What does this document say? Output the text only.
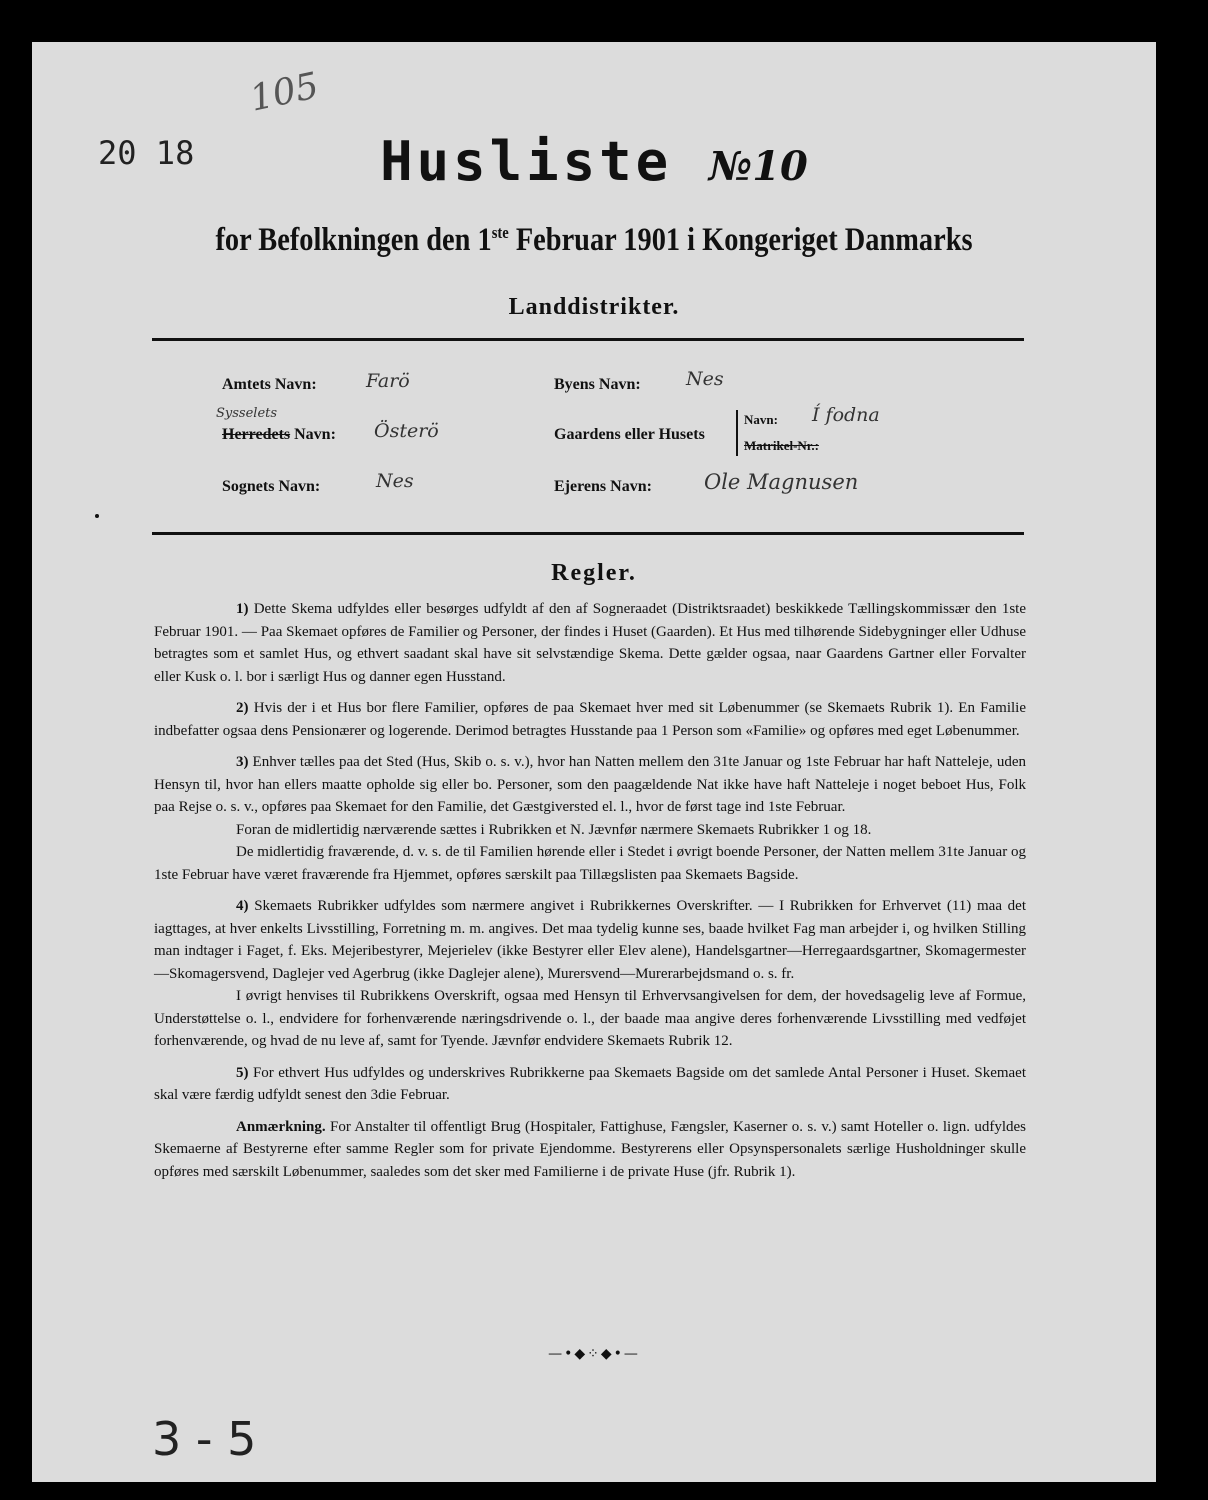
20 18
105
Husliste №10
for Befolkningen den 1ste Februar 1901 i Kongeriget Danmarks
Landdistrikter.
Amtets Navn:	Farö
Sysselets
Herredets Navn: Österö
Sognets Navn:	Nes
Byens Navn: Nes
Gaardens eller Husets
Navn: Í fodna
Matrikel-Nr.:
Ejerens Navn: Ole Magnusen
Regler.

1) Dette Skema udfyldes eller besørges udfyldt af den af Sogneraadet (Distriktsraadet) beskikkede Tællingskommissær den 1ste Februar 1901. — Paa Skemaet opføres de Familier og Personer, der findes i Huset (Gaarden). Et Hus med tilhørende Sidebygninger eller Udhuse betragtes som et samlet Hus, og ethvert saadant skal have sit selvstændige Skema. Dette gælder ogsaa, naar Gaardens Gartner eller Forvalter eller Kusk o. l. bor i særligt Hus og danner egen Husstand.

2) Hvis der i et Hus bor flere Familier, opføres de paa Skemaet hver med sit Løbenummer (se Skemaets Rubrik 1). En Familie indbefatter ogsaa dens Pensionærer og logerende. Derimod betragtes Husstande paa 1 Person som «Familie» og opføres med eget Løbenummer.

3) Enhver tælles paa det Sted (Hus, Skib o. s. v.), hvor han Natten mellem den 31te Januar og 1ste Februar har haft Natteleje, uden Hensyn til, hvor han ellers maatte opholde sig eller bo. Personer, som den paagældende Nat ikke have haft Natteleje i noget beboet Hus, Folk paa Rejse o. s. v., opføres paa Skemaet for den Familie, det Gæstgiversted el. l., hvor de først tage ind 1ste Februar.

Foran de midlertidig nærværende sættes i Rubrikken et N. Jævnfør nærmere Skemaets Rubrikker 1 og 18.

De midlertidig fraværende, d. v. s. de til Familien hørende eller i Stedet i øvrigt boende Personer, der Natten mellem 31te Januar og 1ste Februar have været fraværende fra Hjemmet, opføres særskilt paa Tillægslisten paa Skemaets Bagside.

4) Skemaets Rubrikker udfyldes som nærmere angivet i Rubrikkernes Overskrifter. — I Rubrikken for Erhvervet (11) maa det iagttages, at hver enkelts Livsstilling, Forretning m. m. angives. Det maa tydelig kunne ses, baade hvilket Fag man arbejder i, og hvilken Stilling man indtager i Faget, f. Eks. Mejeribestyrer, Mejerielev (ikke Bestyrer eller Elev alene), Handelsgartner—Herregaardsgartner, Skomagermester—Skomagersvend, Daglejer ved Agerbrug (ikke Daglejer alene), Murersvend—Murerarbejdsmand o. s. fr.

I øvrigt henvises til Rubrikkens Overskrift, ogsaa med Hensyn til Erhvervsangivelsen for dem, der hovedsagelig leve af Formue, Understøttelse o. l., endvidere for forhenværende næringsdrivende o. l., der baade maa angive deres forhenværende Livsstilling med vedføjet forhenværende, og hvad de nu leve af, samt for Tyende. Jævnfør endvidere Skemaets Rubrik 12.

5) For ethvert Hus udfyldes og underskrives Rubrikkerne paa Skemaets Bagside om det samlede Antal Personer i Huset. Skemaet skal være færdig udfyldt senest den 3die Februar.

Anmærkning. For Anstalter til offentligt Brug (Hospitaler, Fattighuse, Fængsler, Kaserner o. s. v.) samt Hoteller o. lign. udfyldes Skemaerne af Bestyrerne efter samme Regler som for private Ejendomme. Bestyrerens eller Opsynspersonalets særlige Husholdninger skulle opføres med særskilt Løbenummer, saaledes som det sker med Familierne i de private Huse (jfr. Rubrik 1).

—•◆⁘◆•—
3 - 5
